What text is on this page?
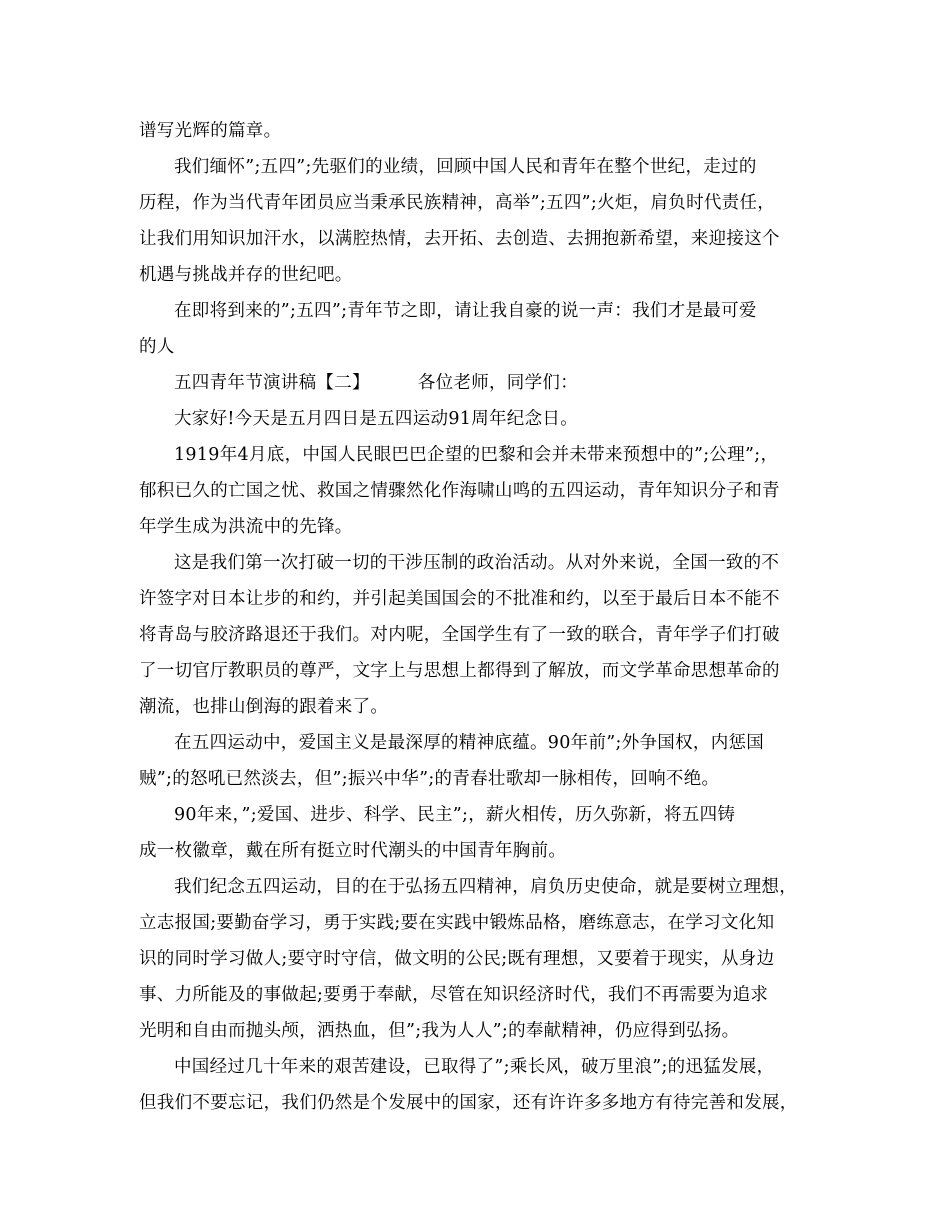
谱写光辉的篇章。
我们缅怀”;五四”;先驱们的业绩，回顾中国人民和青年在整个世纪，走过的
历程，作为当代青年团员应当秉承民族精神，高举”;五四”;火炬，肩负时代责任，
让我们用知识加汗水，以满腔热情，去开拓、去创造、去拥抱新希望，来迎接这个
机遇与挑战并存的世纪吧。
在即将到来的”;五四”;青年节之即，请让我自豪的说一声：我们才是最可爱
的人
五四青年节演讲稿【二】	各位老师，同学们：
大家好!今天是五月四日是五四运动91周年纪念日。
1919年4月底，中国人民眼巴巴企望的巴黎和会并未带来预想中的”;公理”;，
郁积已久的亡国之忧、救国之情骤然化作海啸山鸣的五四运动，青年知识分子和青
年学生成为洪流中的先锋。
这是我们第一次打破一切的干涉压制的政治活动。从对外来说，全国一致的不
许签字对日本让步的和约，并引起美国国会的不批准和约，以至于最后日本不能不
将青岛与胶济路退还于我们。对内呢，全国学生有了一致的联合，青年学子们打破
了一切官厅教职员的尊严，文字上与思想上都得到了解放，而文学革命思想革命的
潮流，也排山倒海的跟着来了。
在五四运动中，爱国主义是最深厚的精神底蕴。90年前”;外争国权，内惩国
贼”;的怒吼已然淡去，但”;振兴中华”;的青春壮歌却一脉相传，回响不绝。
90年来，”;爱国、进步、科学、民主”;，薪火相传，历久弥新，将五四铸
成一枚徽章，戴在所有挺立时代潮头的中国青年胸前。
我们纪念五四运动，目的在于弘扬五四精神，肩负历史使命，就是要树立理想，
立志报国;要勤奋学习，勇于实践;要在实践中锻炼品格，磨练意志，在学习文化知
识的同时学习做人;要守时守信，做文明的公民;既有理想，又要着于现实，从身边
事、力所能及的事做起;要勇于奉献，尽管在知识经济时代，我们不再需要为追求
光明和自由而抛头颅，洒热血，但”;我为人人”;的奉献精神，仍应得到弘扬。
中国经过几十年来的艰苦建设，已取得了”;乘长风，破万里浪”;的迅猛发展，
但我们不要忘记，我们仍然是个发展中的国家，还有许许多多地方有待完善和发展，
